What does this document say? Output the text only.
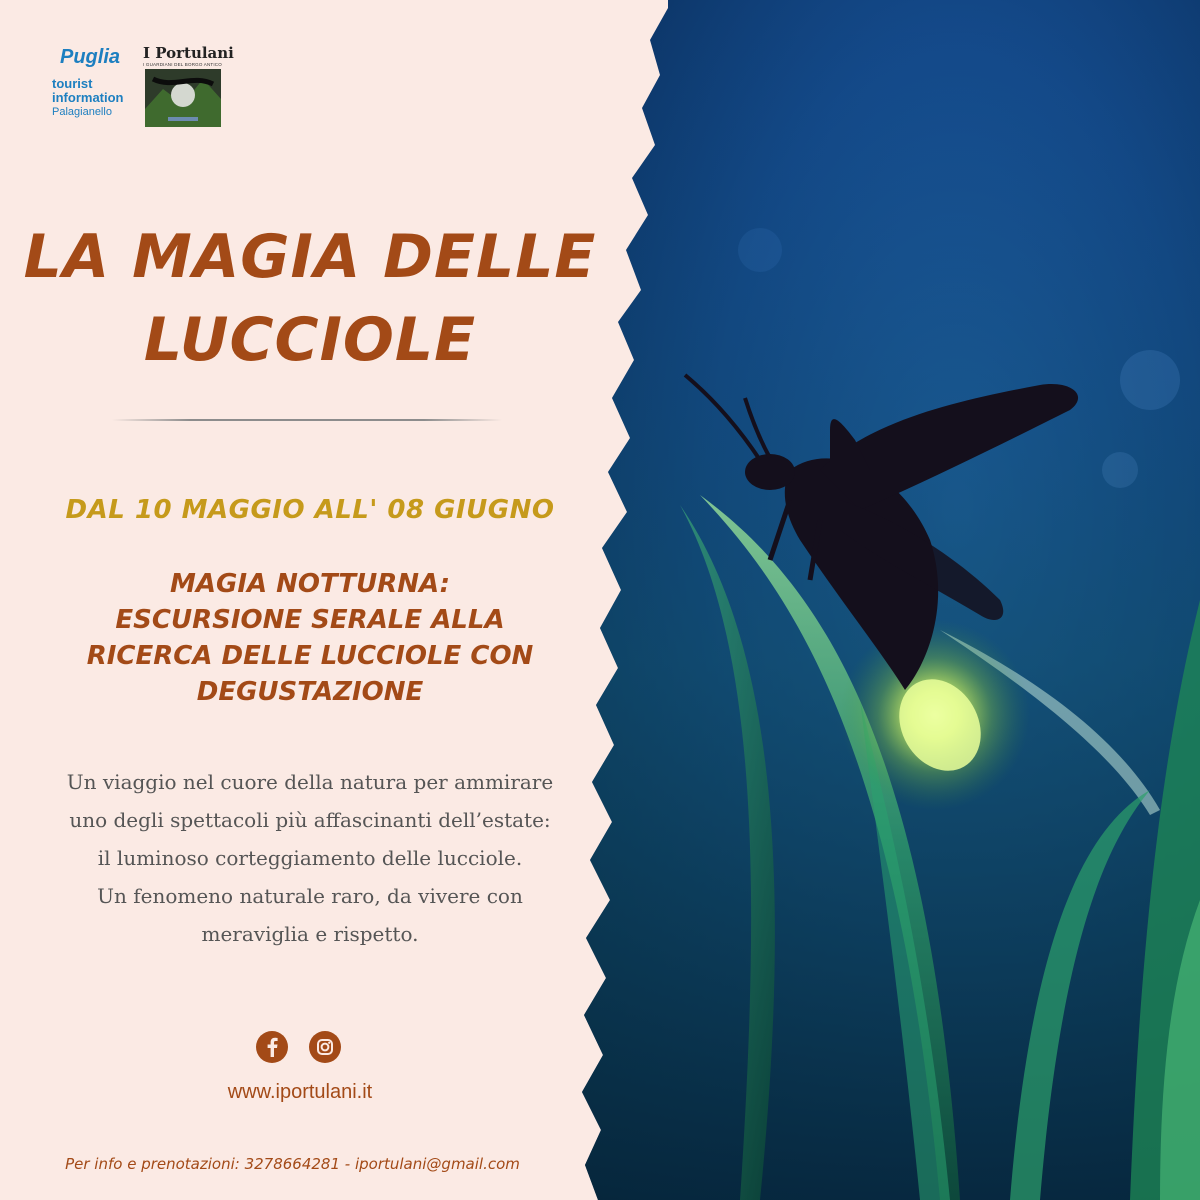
Puglia
tourist
information
Palagianello
I Portulani
I GUARDIANI DEL BORGO ANTICO
LA MAGIA DELLE
LUCCIOLE
DAL 10 MAGGIO ALL' 08 GIUGNO
MAGIA NOTTURNA:
ESCURSIONE SERALE ALLA
RICERCA DELLE LUCCIOLE CON
DEGUSTAZIONE
Un viaggio nel cuore della natura per ammirare
uno degli spettacoli più affascinanti dell’estate:
il luminoso corteggiamento delle lucciole.
Un fenomeno naturale raro, da vivere con
meraviglia e rispetto.
www.iportulani.it
Per info e prenotazioni: 3278664281 - iportulani@gmail.com
